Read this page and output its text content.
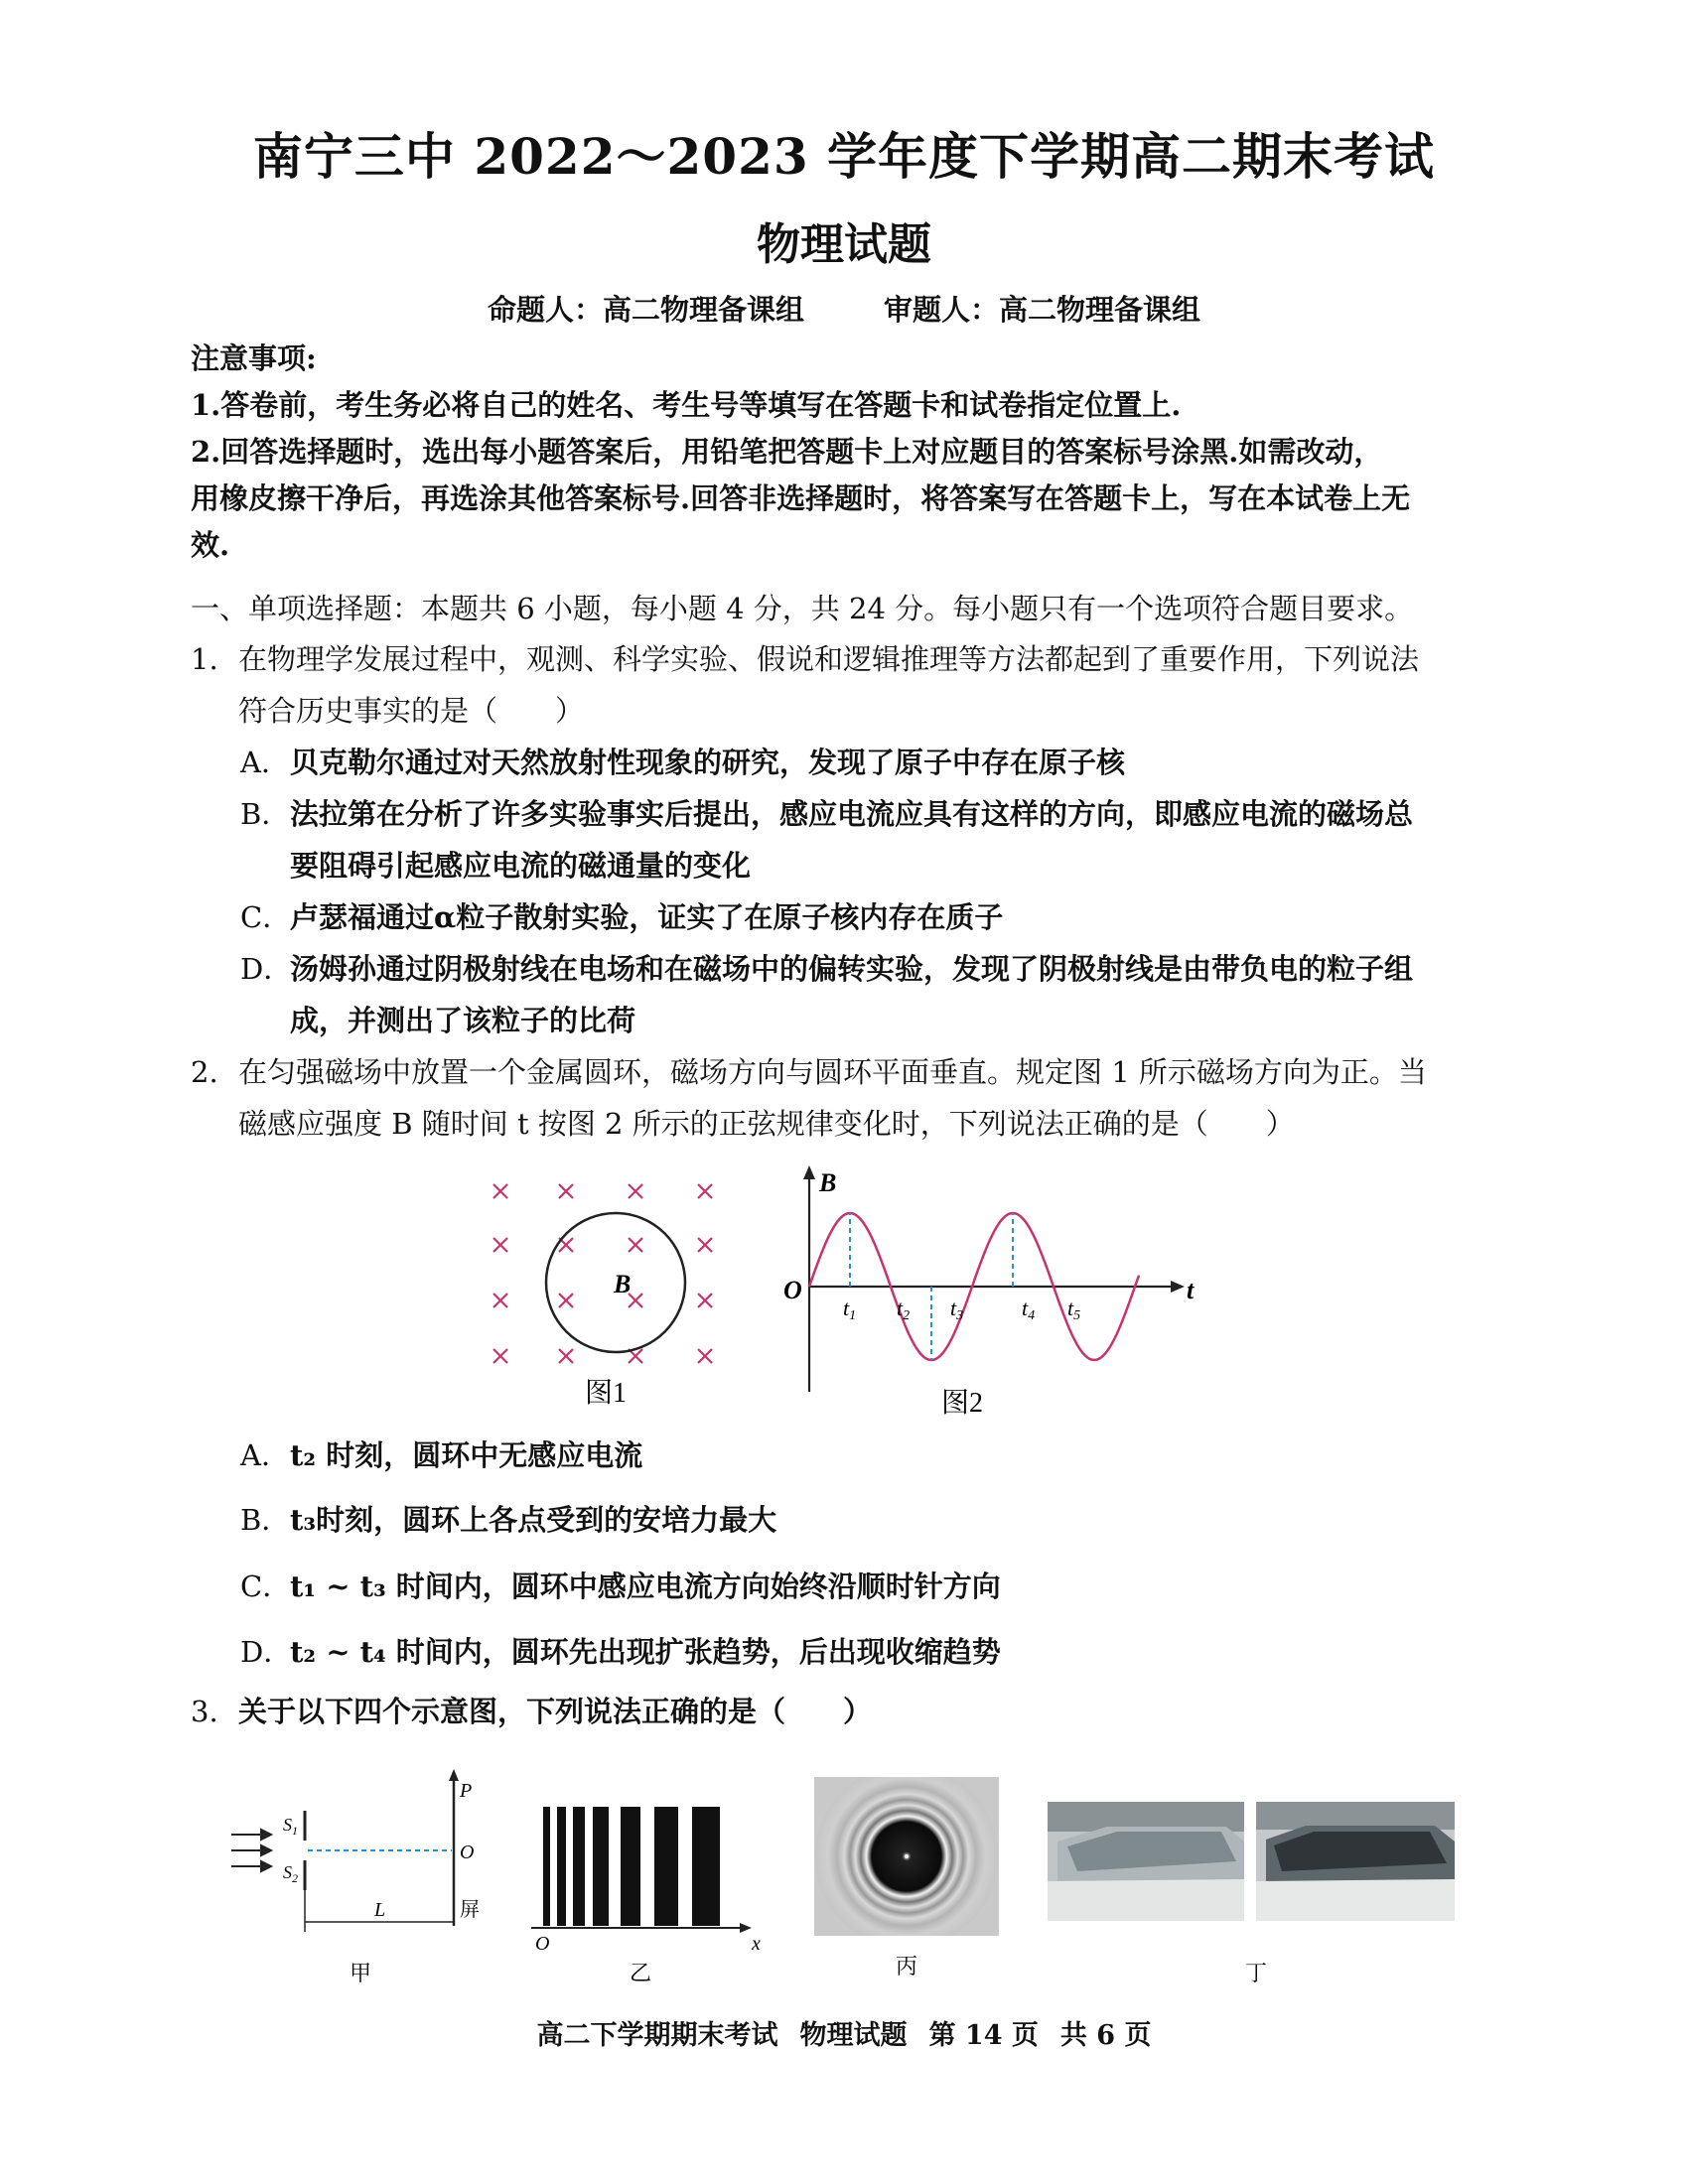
南宁三中 2022～2023 学年度下学期高二期末考试
物理试题
命题人：高二物理备课组	审题人：高二物理备课组
注意事项:
1.答卷前，考生务必将自己的姓名、考生号等填写在答题卡和试卷指定位置上.
2.回答选择题时，选出每小题答案后，用铅笔把答题卡上对应题目的答案标号涂黑.如需改动，
用橡皮擦干净后，再选涂其他答案标号.回答非选择题时，将答案写在答题卡上，写在本试卷上无
效.
一、单项选择题：本题共 6 小题，每小题 4 分，共 24 分。每小题只有一个选项符合题目要求。
1. 在物理学发展过程中，观测、科学实验、假说和逻辑推理等方法都起到了重要作用，下列说法
符合历史事实的是（　　）
A． 贝克勒尔通过对天然放射性现象的研究，发现了原子中存在原子核
B． 法拉第在分析了许多实验事实后提出，感应电流应具有这样的方向，即感应电流的磁场总
要阻碍引起感应电流的磁通量的变化
C．
卢瑟福通过α粒子散射实验，证实了在原子核内存在质子
D．
汤姆孙通过阴极射线在电场和在磁场中的偏转实验，发现了阴极射线是由带负电的粒子组
成，并测出了该粒子的比荷
2. 在匀强磁场中放置一个金属圆环，磁场方向与圆环平面垂直。规定图 1 所示磁场方向为正。当
磁感应强度 B 随时间 t 按图 2 所示的正弦规律变化时，下列说法正确的是（　　）
B
图1
B
t
O
t1 t2 t3	t4 t5
图2
A． t₂ 时刻，圆环中无感应电流
B． t₃时刻，圆环上各点受到的安培力最大
C．
t₁ ~ t₃ 时间内，圆环中感应电流方向始终沿顺时针方向
D．
t₂ ~ t₄ 时间内，圆环先出现扩张趋势，后出现收缩趋势
3. 关于以下四个示意图，下列说法正确的是（　　）
$S_1$
$S_2$
P
O
屏
L
甲
O	x
乙	丙	丁
高二下学期期末考试 物理试题 第 14 页 共 6 页
